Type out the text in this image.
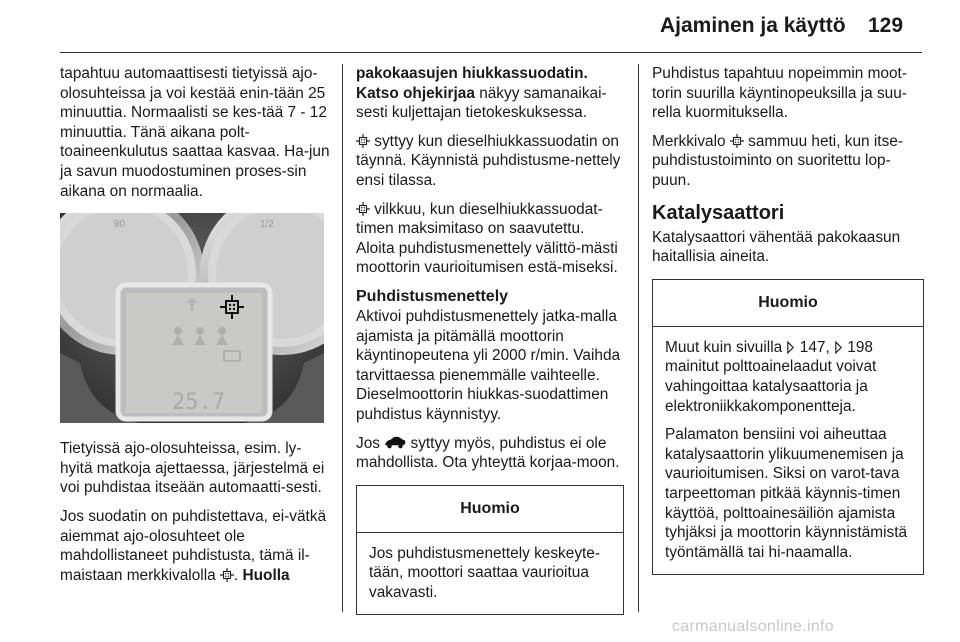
Ajaminen ja käyttö 129

tapahtuu automaattisesti tietyissä ajo-olosuhteissa ja voi kestää enin-tään 25 minuuttia. Normaalisti se kes-tää 7 - 12 minuuttia. Tänä aikana polt-toaineenkulutus saattaa kasvaa. Ha-jun ja savun muodostuminen proses-sin aikana on normaalia.

90	1/2
25.7

Tietyissä ajo-olosuhteissa, esim. ly-hyitä matkoja ajettaessa, järjestelmä ei voi puhdistaa itseään automaatti-sesti.

Jos suodatin on puhdistettava, ei-vätkä aiemmat ajo-olosuhteet ole mahdollistaneet puhdistusta, tämä il-maistaan merkkivalolla . Huolla

pakokaasujen hiukkassuodatin. Katso ohjekirjaa näkyy samanaikai-sesti kuljettajan tietokeskuksessa.

syttyy kun dieselhiukkassuodatin on täynnä. Käynnistä puhdistusme-nettely ensi tilassa.

vilkkuu, kun dieselhiukkassuodat-timen maksimitaso on saavutettu. Aloita puhdistusmenettely välittö-mästi moottorin vaurioitumisen estä-miseksi.

Puhdistusmenettely

Aktivoi puhdistusmenettely jatka-malla ajamista ja pitämällä moottorin käyntinopeutena yli 2000 r/min. Vaihda tarvittaessa pienemmälle vaihteelle. Dieselmoottorin hiukkas-suodattimen puhdistus käynnistyy.

Jos syttyy myös, puhdistus ei ole mahdollista. Ota yhteyttä korjaa-moon.

Huomio

Jos puhdistusmenettely keskeyte-tään, moottori saattaa vaurioitua vakavasti.

Puhdistus tapahtuu nopeimmin moot-torin suurilla käyntinopeuksilla ja suu-rella kuormituksella.

Merkkivalo sammuu heti, kun itse-puhdistustoiminto on suoritettu lop-puun.

Katalysaattori

Katalysaattori vähentää pakokaasun haitallisia aineita.

Huomio

Muut kuin sivuilla 147, 198 mainitut polttoainelaadut voivat vahingoittaa katalysaattoria ja elektroniikkakomponentteja.

Palamaton bensiini voi aiheuttaa katalysaattorin ylikuumenemisen ja vaurioitumisen. Siksi on varot-tava tarpeettoman pitkää käynnis-timen käyttöä, polttoainesäiliön ajamista tyhjäksi ja moottorin käynnistämistä työntämällä tai hi-naamalla.

carmanualsonline.info
